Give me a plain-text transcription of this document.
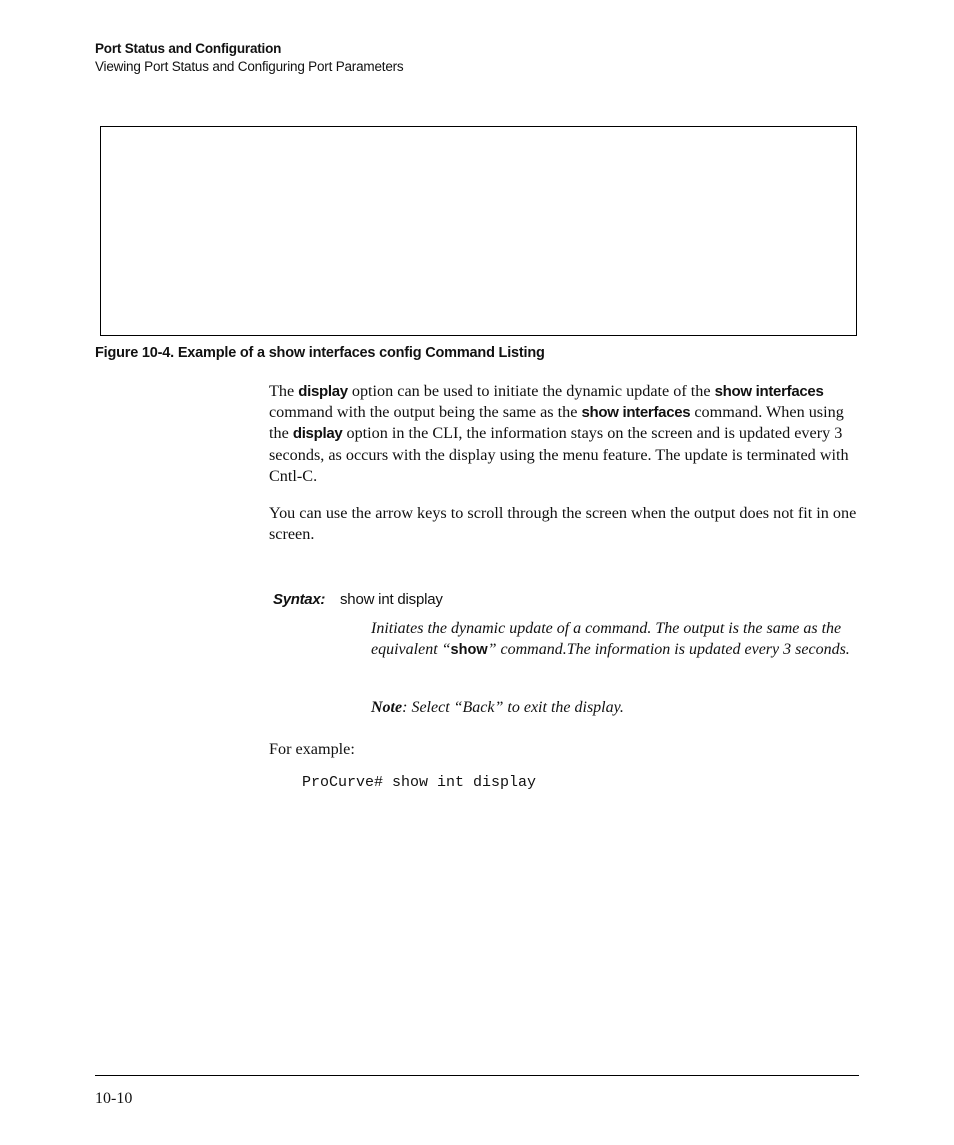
Port Status and Configuration
Viewing Port Status and Configuring Port Parameters
Figure 10-4. Example of a show interfaces config Command Listing
The display option can be used to initiate the dynamic update of the show interfaces command with the output being the same as the show interfaces command. When using the display option in the CLI, the information stays on the screen and is updated every 3 seconds, as occurs with the display using the menu feature. The update is terminated with Cntl-C.
You can use the arrow keys to scroll through the screen when the output does not fit in one screen.
Syntax: show int display
Initiates the dynamic update of a command. The output is the same as the equivalent “show” command.The information is updated every 3 seconds.
Note: Select “Back” to exit the display.
For example:
ProCurve# show int display
10-10
